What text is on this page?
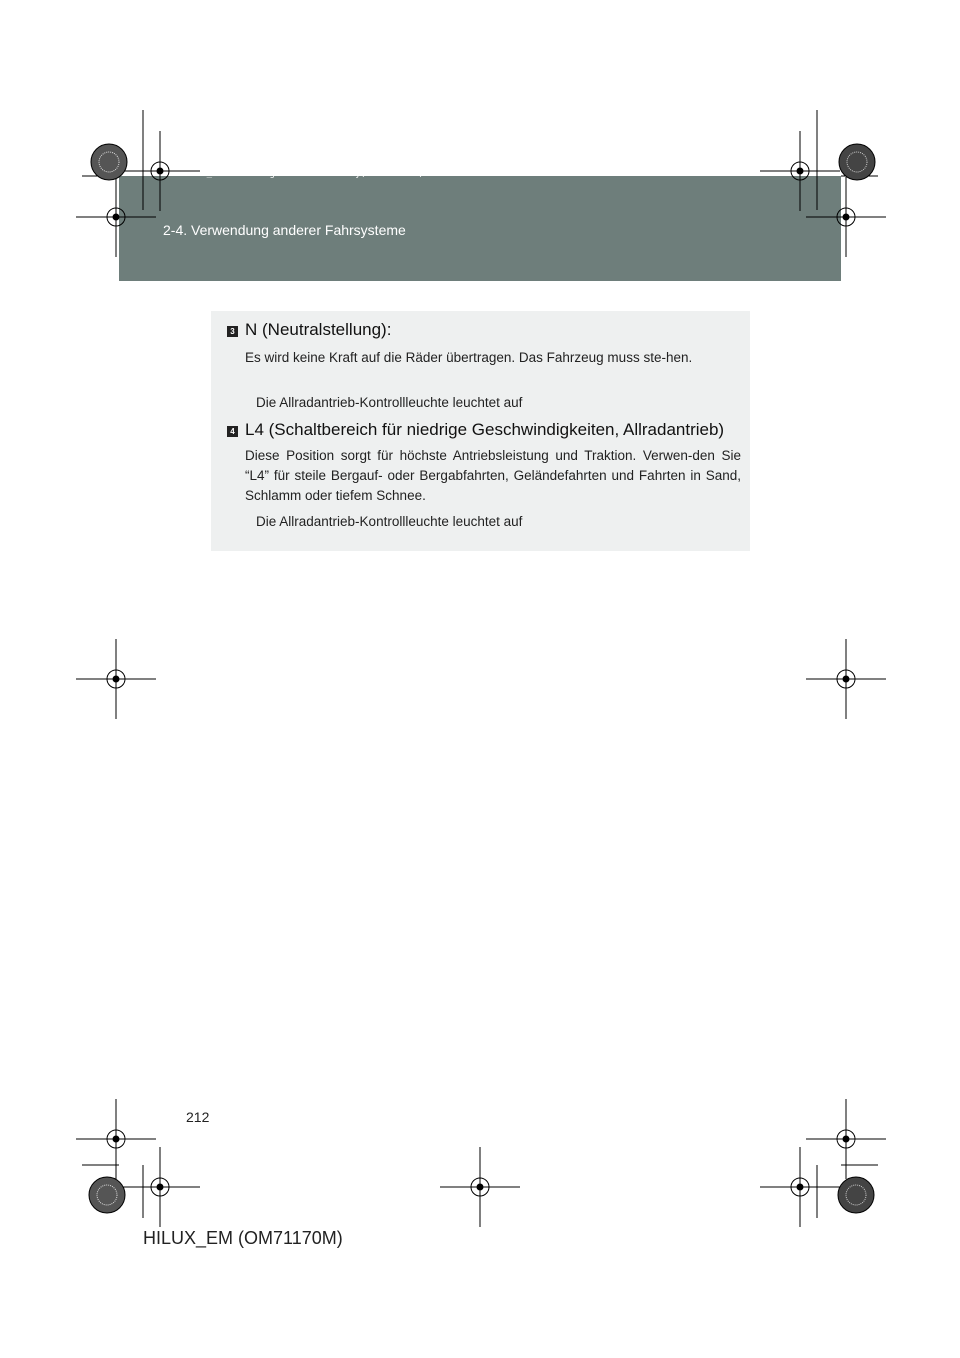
2-4. Verwendung anderer Fahrsysteme
HILUX_EM.book Page 212 Wednesday, March 23, 2011 2:48 PM
3 N (Neutralstellung):
Es wird keine Kraft auf die Räder übertragen. Das Fahrzeug muss ste-hen.
Die Allradantrieb-Kontrollleuchte leuchtet auf
4 L4 (Schaltbereich für niedrige Geschwindigkeiten, Allradantrieb)
Diese Position sorgt für höchste Antriebsleistung und Traktion. Verwen-den Sie “L4” für steile Bergauf- oder Bergabfahrten, Geländefahrten und Fahrten in Sand, Schlamm oder tiefem Schnee.
Die Allradantrieb-Kontrollleuchte leuchtet auf
212
HILUX_EM (OM71170M)
